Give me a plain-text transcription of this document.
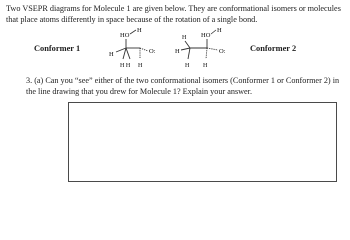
Two VSEPR diagrams for Molecule 1 are given below. They are conformational isomers or molecules that place atoms differently in space because of the rotation of a single bond.
Conformer 1
H
HO
H	O:
H H H
H
HO
H
H	O:
H H
Conformer 2
3. (a) Can you “see” either of the two conformational isomers (Conformer 1 or Conformer 2) in the line drawing that you drew for Molecule 1? Explain your answer.
